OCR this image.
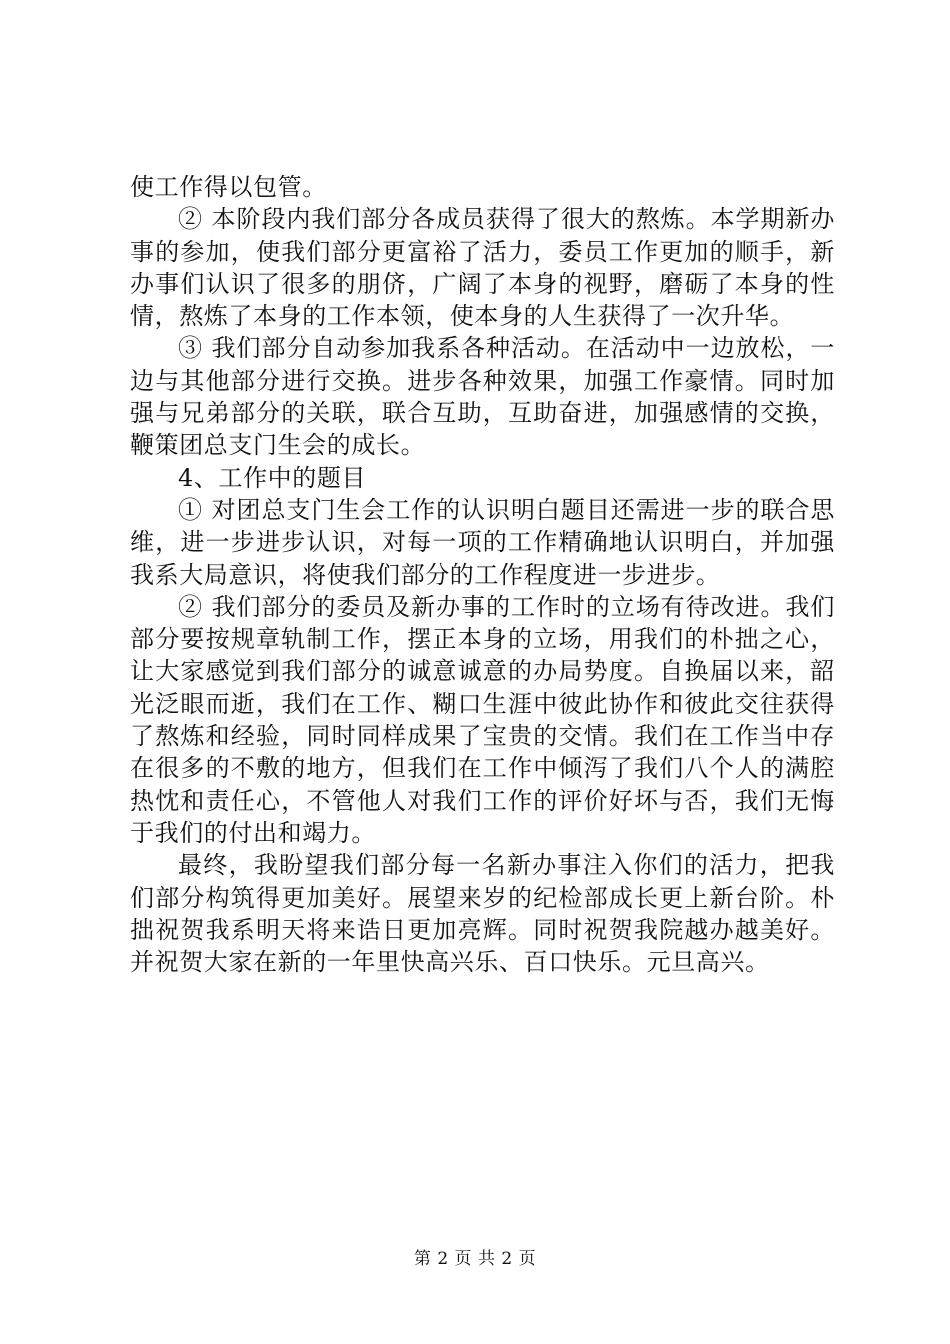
使工作得以包管。

② 本阶段内我们部分各成员获得了很大的熬炼。本学期新办事的参加，使我们部分更富裕了活力，委员工作更加的顺手，新办事们认识了很多的朋侪，广阔了本身的视野，磨砺了本身的性情，熬炼了本身的工作本领，使本身的人生获得了一次升华。

③ 我们部分自动参加我系各种活动。在活动中一边放松，一边与其他部分进行交换。进步各种效果，加强工作豪情。同时加强与兄弟部分的关联，联合互助，互助奋进，加强感情的交换，鞭策团总支门生会的成长。

4、工作中的题目

① 对团总支门生会工作的认识明白题目还需进一步的联合思维，进一步进步认识，对每一项的工作精确地认识明白，并加强我系大局意识，将使我们部分的工作程度进一步进步。

② 我们部分的委员及新办事的工作时的立场有待改进。我们部分要按规章轨制工作，摆正本身的立场，用我们的朴拙之心，让大家感觉到我们部分的诚意诚意的办局势度。自换届以来，韶光泛眼而逝，我们在工作、糊口生涯中彼此协作和彼此交往获得了熬炼和经验，同时同样成果了宝贵的交情。我们在工作当中存在很多的不敷的地方，但我们在工作中倾泻了我们八个人的满腔热忱和责任心，不管他人对我们工作的评价好坏与否，我们无悔于我们的付出和竭力。

最终，我盼望我们部分每一名新办事注入你们的活力，把我们部分构筑得更加美好。展望来岁的纪检部成长更上新台阶。朴拙祝贺我系明天将来诰日更加亮辉。同时祝贺我院越办越美好。并祝贺大家在新的一年里快高兴乐、百口快乐。元旦高兴。

第 2 页 共 2 页
